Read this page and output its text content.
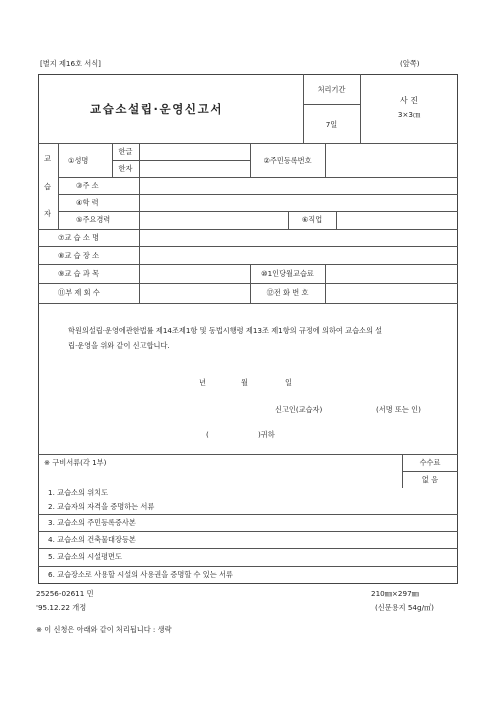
[별지 제16호 서식]	(앞쪽)
교습소설립·운영신고서
처리기간
7일
사 진
3×3㎝
교
습
자
①성명
한글
한자
②주민등록번호
③주 소
④학 력
⑤주요경력	⑥직업
⑦교 습 소 명
⑧교 습 장 소
⑨교 습 과 목	⑩1인당월교습료
⑪부 제 회 수	⑫전 화 번 호
학원의설립·운영에관한법률 제14조제1항 및 동법시행령 제13조 제1항의 규정에 의하여 교습소의 설
립·운영을 위와 같이 신고합니다.
년	월	일
신고인(교습자)	(서명 또는 인)
(	)귀하
※ 구비서류(각 1부)	수수료
없 음
1. 교습소의 위치도
2. 교습자의 자격을 증명하는 서류
3. 교습소의 주민등록증사본
4. 교습소의 건축물대장등본
5. 교습소의 시설평면도
6. 교습장소로 사용할 시설의 사용권을 증명할 수 있는 서류
25256-02611 민
'95.12.22 개정
210㎜×297㎜
(신문용지 54g/㎡)
※ 이 신청은 아래와 같이 처리됩니다 : 생략
